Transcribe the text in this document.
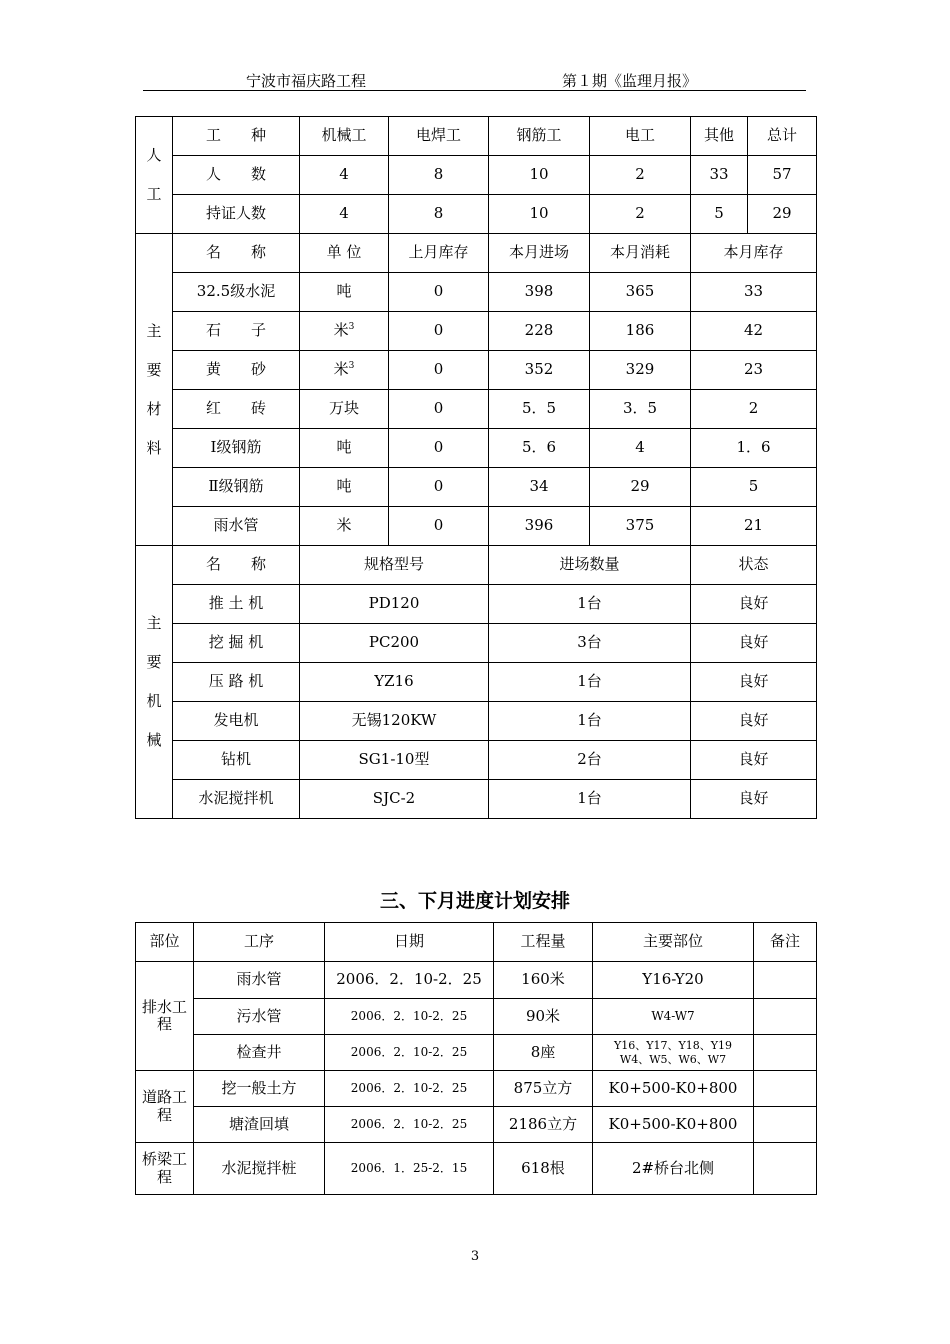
宁波市福庆路工程	第１期《监理月报》
人
工	工　　种	机械工	电焊工	钢筋工	电工	其他	总计
	人　　数	4	8	10	2	33	57
	持证人数	4	8	10	2	5	29

主
要
材
料	名　　称	单 位	上月库存	本月进场	本月消耗	本月库存	
	32.5级水泥	吨	0	398	365	33	
	石　　子	米$^3$	0	228	186	42	
	黄　　砂	米$^3$	0	352	329	23	
	红　　砖	万块	0	5．5	3．5	2	
	Ⅰ级钢筋	吨	0	5．6	4	1．6	
	Ⅱ级钢筋	吨	0	34	29	5	
	雨水管	米	0	396	375	21	

主
要
机
械	名　　称	规格型号		进场数量		状态	
	推 土 机	PD120		1台		良好	
	挖 掘 机	PC200		3台		良好	
	压 路 机	YZ16		1台		良好	
	发电机	无锡120KW		1台		良好	
	钻机	SG1-10型		2台		良好	
	水泥搅拌机	SJC-2		1台		良好	
三、下月进度计划安排
部位	工序	日期	工程量	主要部位	备注
排水工程	雨水管	2006．2．10-2．25	160米	Y16-Y20	
	污水管	2006．2．10-2．25	90米	W4-W7	
	检查井	2006．2．10-2．25	8座	Y16、Y17、Y18、Y19
W4、W5、W6、W7	

道路工程	挖一般土方	2006．2．10-2．25	875立方	K0+500-K0+800	
	塘渣回填	2006．2．10-2．25	2186立方	K0+500-K0+800	
桥梁工程	水泥搅拌桩	2006．1．25-2．15	618根	2#桥台北侧	
3
